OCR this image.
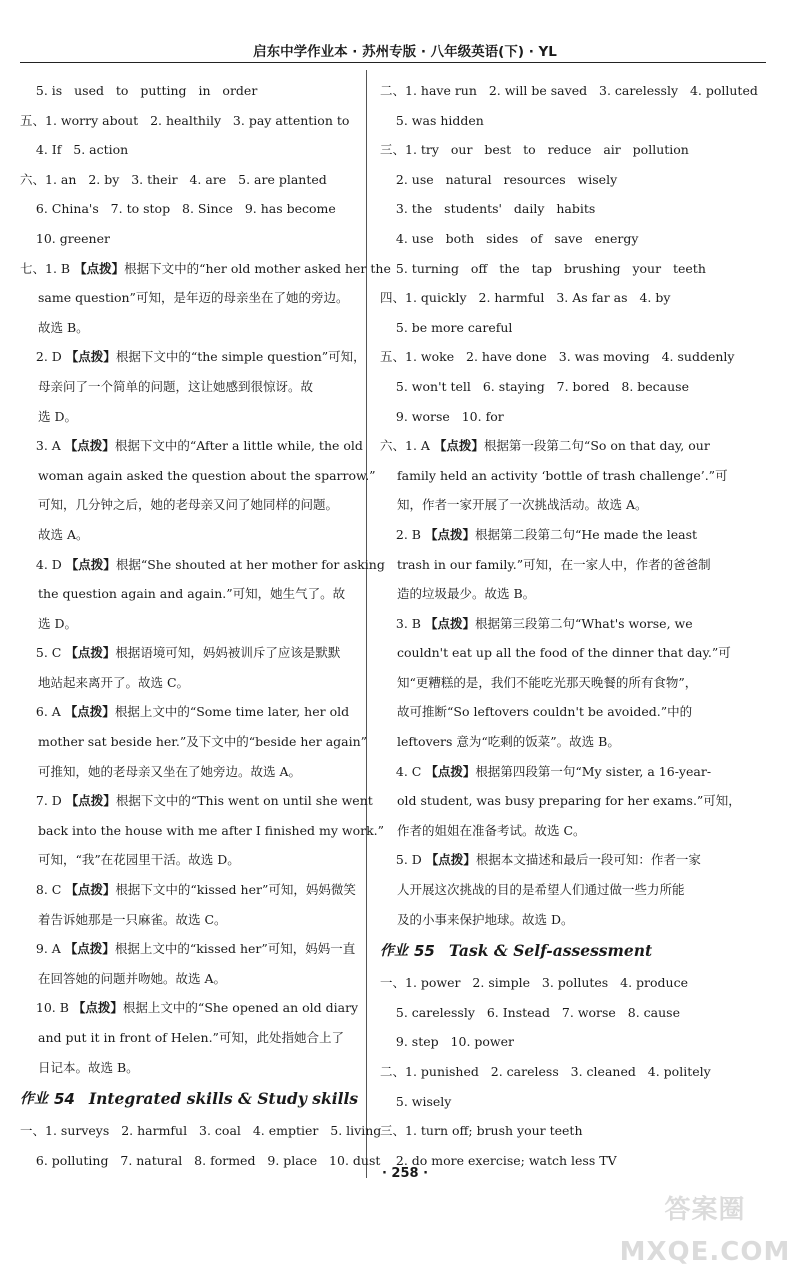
启东中学作业本 · 苏州专版 · 八年级英语(下) · YL
5. is   used   to   putting   in   order
五、1. worry about   2. healthily   3. pay attention to
4. If   5. action
六、1. an   2. by   3. their   4. are   5. are planted
6. China's   7. to stop   8. Since   9. has become
10. greener
七、1. B 【点拨】根据下文中的“her old mother asked her the
same question”可知，是年迈的母亲坐在了她的旁边。
故选 B。
2. D 【点拨】根据下文中的“the simple question”可知，
母亲问了一个简单的问题，这让她感到很惊讶。故
选 D。
3. A 【点拨】根据下文中的“After a little while, the old
woman again asked the question about the sparrow.”
可知，几分钟之后，她的老母亲又问了她同样的问题。
故选 A。
4. D 【点拨】根据“She shouted at her mother for asking
the question again and again.”可知，她生气了。故
选 D。
5. C 【点拨】根据语境可知，妈妈被训斥了应该是默默
地站起来离开了。故选 C。
6. A 【点拨】根据上文中的“Some time later, her old
mother sat beside her.”及下文中的“beside her again”
可推知，她的老母亲又坐在了她旁边。故选 A。
7. D 【点拨】根据下文中的“This went on until she went
back into the house with me after I finished my work.”
可知，“我”在花园里干活。故选 D。
8. C 【点拨】根据下文中的“kissed her”可知，妈妈微笑
着告诉她那是一只麻雀。故选 C。
9. A 【点拨】根据上文中的“kissed her”可知，妈妈一直
在回答她的问题并吻她。故选 A。
10. B 【点拨】根据上文中的“She opened an old diary
and put it in front of Helen.”可知，此处指她合上了
日记本。故选 B。
作业 54 Integrated skills & Study skills
一、1. surveys   2. harmful   3. coal   4. emptier   5. living
6. polluting   7. natural   8. formed   9. place   10. dust
二、1. have run   2. will be saved   3. carelessly   4. polluted
5. was hidden
三、1. try   our   best   to   reduce   air   pollution
2. use   natural   resources   wisely
3. the   students'   daily   habits
4. use   both   sides   of   save   energy
5. turning   off   the   tap   brushing   your   teeth
四、1. quickly   2. harmful   3. As far as   4. by
5. be more careful
五、1. woke   2. have done   3. was moving   4. suddenly
5. won't tell   6. staying   7. bored   8. because
9. worse   10. for
六、1. A 【点拨】根据第一段第二句“So on that day, our
family held an activity ‘bottle of trash challenge’.”可
知，作者一家开展了一次挑战活动。故选 A。
2. B 【点拨】根据第二段第二句“He made the least
trash in our family.”可知，在一家人中，作者的爸爸制
造的垃圾最少。故选 B。
3. B 【点拨】根据第三段第二句“What's worse, we
couldn't eat up all the food of the dinner that day.”可
知“更糟糕的是，我们不能吃光那天晚餐的所有食物”，
故可推断“So leftovers couldn't be avoided.”中的
leftovers 意为“吃剩的饭菜”。故选 B。
4. C 【点拨】根据第四段第一句“My sister, a 16-year-
old student, was busy preparing for her exams.”可知，
作者的姐姐在准备考试。故选 C。
5. D 【点拨】根据本文描述和最后一段可知：作者一家
人开展这次挑战的目的是希望人们通过做一些力所能
及的小事来保护地球。故选 D。
作业 55 Task & Self-assessment
一、1. power   2. simple   3. pollutes   4. produce
5. carelessly   6. Instead   7. worse   8. cause
9. step   10. power
二、1. punished   2. careless   3. cleaned   4. politely
5. wisely
三、1. turn off; brush your teeth
2. do more exercise; watch less TV
· 258 ·
答案圈
MXQE.COM
